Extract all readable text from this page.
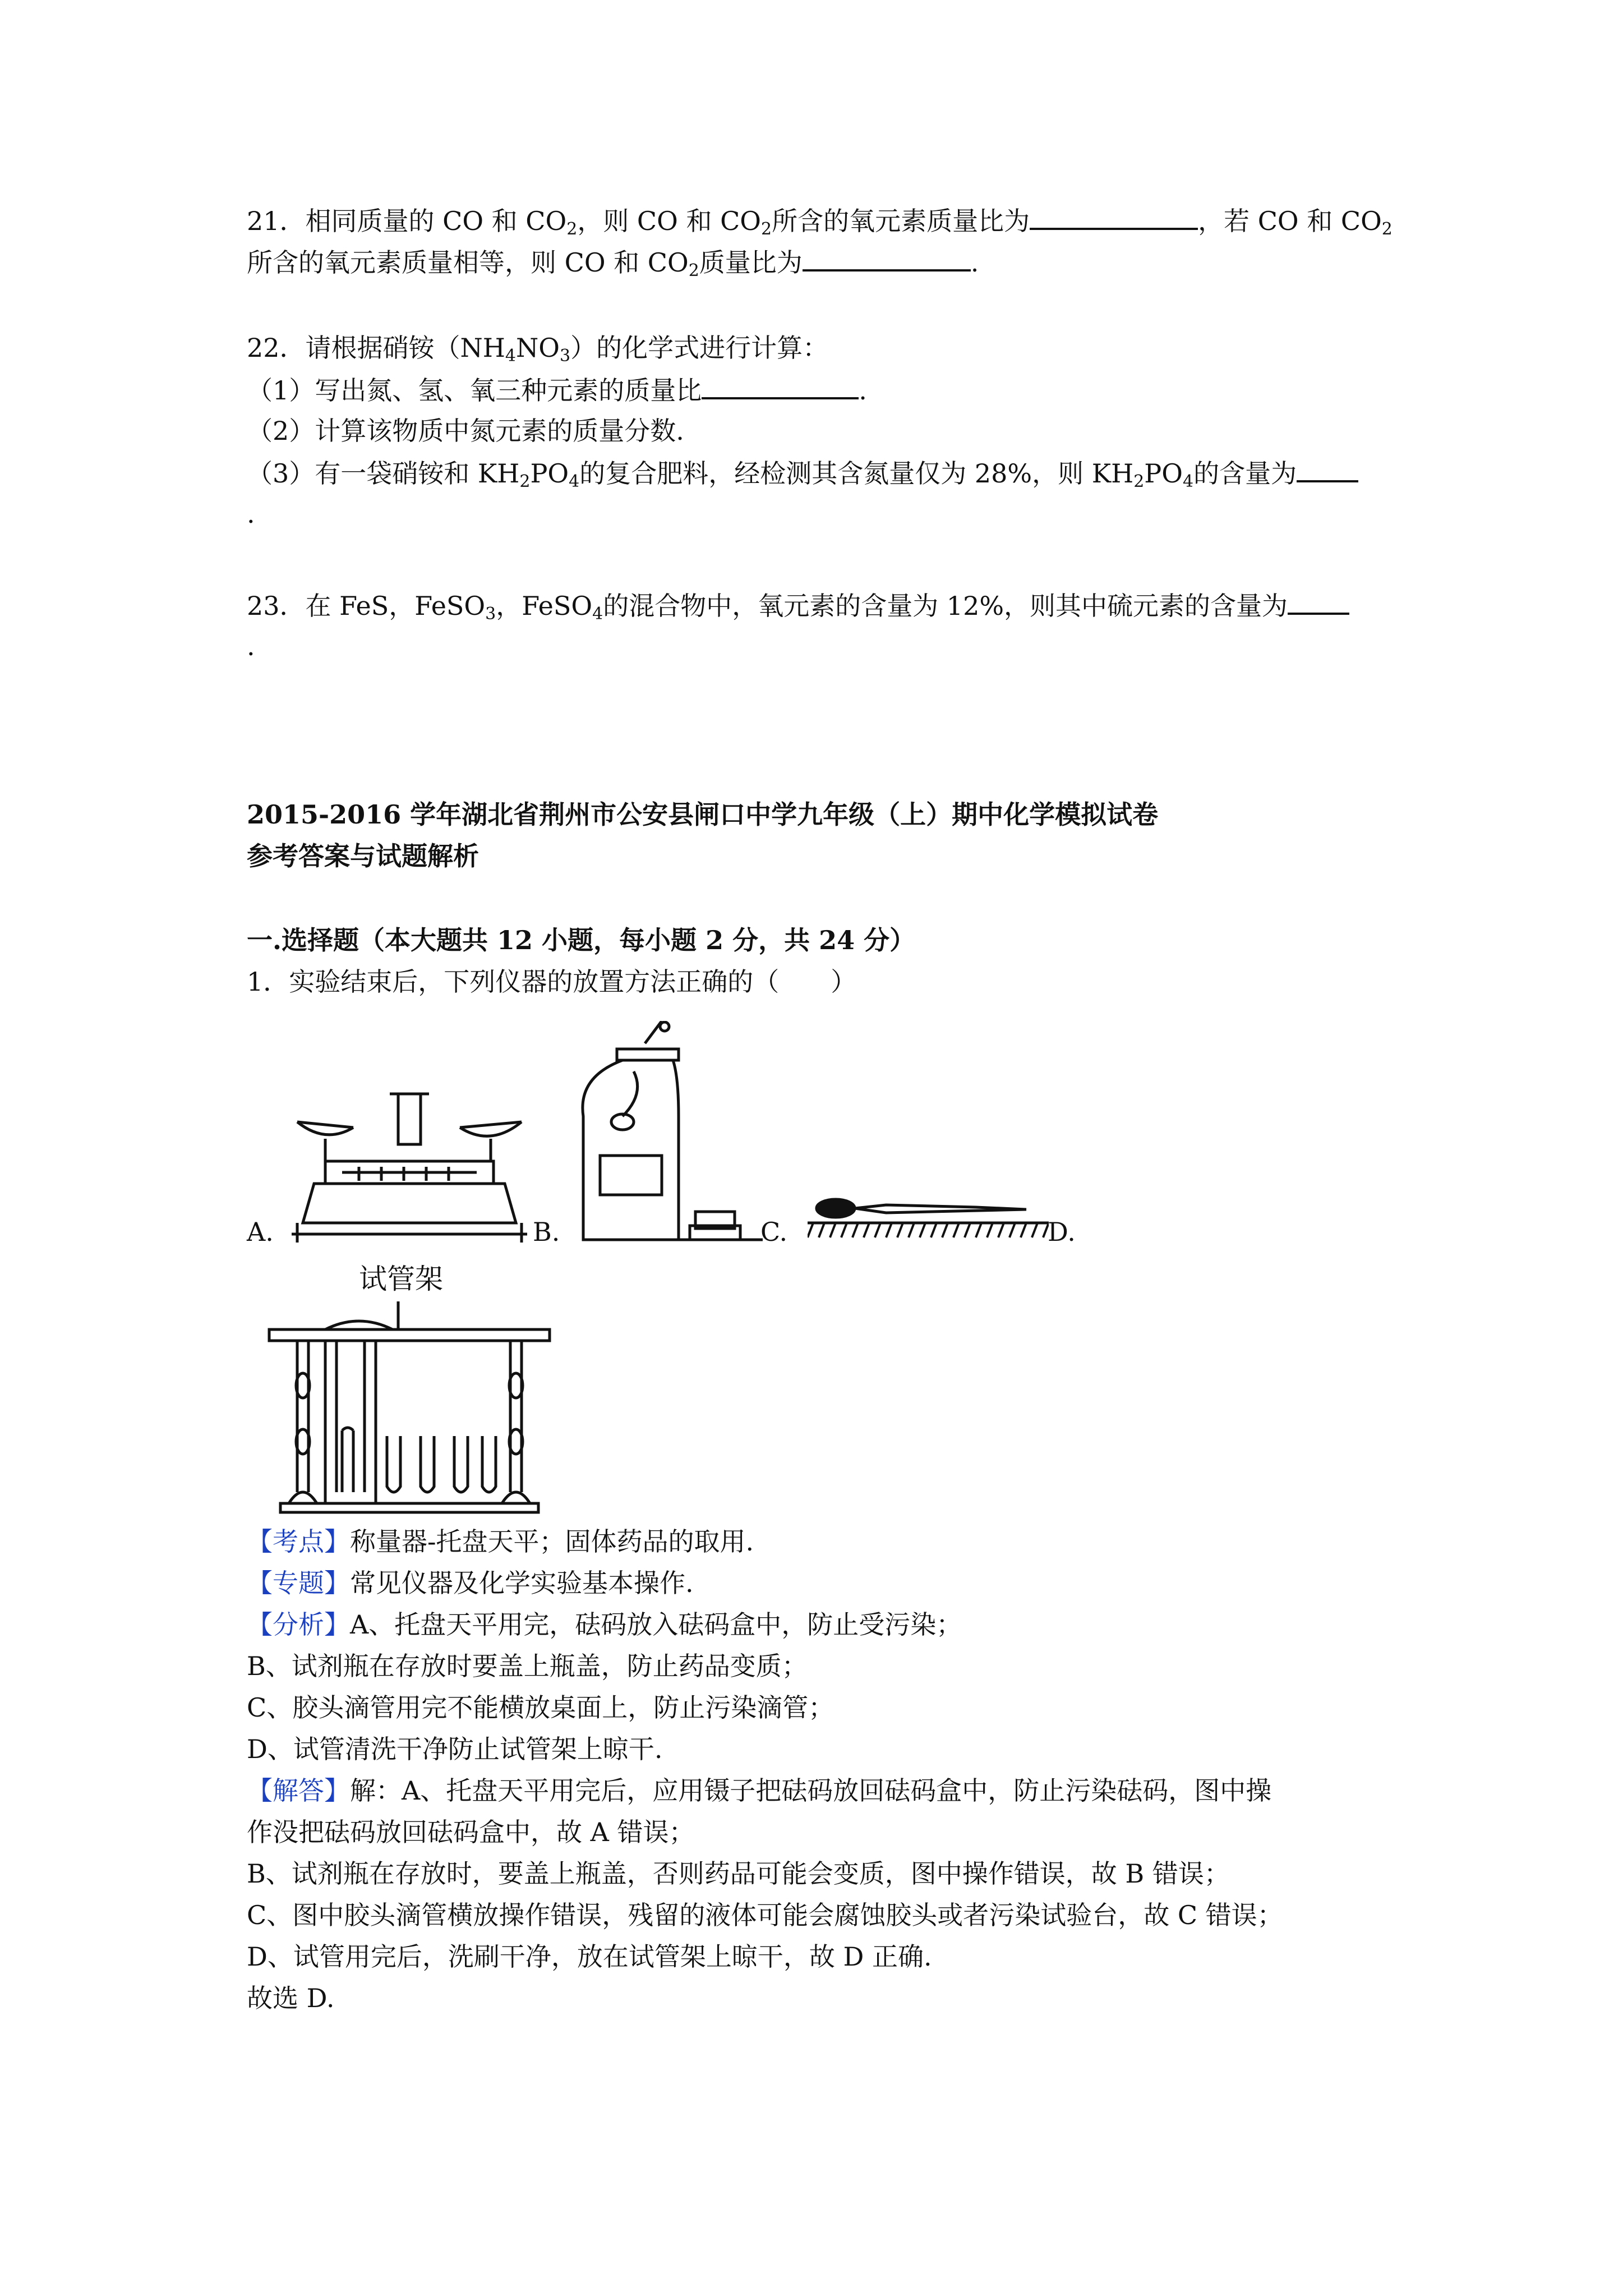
21．相同质量的 CO 和 $CO_2$，则 CO 和 $CO_2$所含的氧元素质量比为	，若 CO 和 $CO_2$
所含的氧元素质量相等，则 CO 和 $CO_2$质量比为	.
22．请根据硝铵$(NH_4NO_3)$的化学式进行计算：
（1）写出氮、氢、氧三种元素的质量比	.
（2）计算该物质中氮元素的质量分数.
（3）有一袋硝铵和 $KH_2PO_4$的复合肥料，经检测其含氮量仅为 28%，则 $KH_2PO_4$的含量为
.
23．在 FeS，FeSO$_3$，FeSO$_4$的混合物中，氧元素的含量为 12%，则其中硫元素的含量为
.
2015-2016 学年湖北省荆州市公安县闸口中学九年级（上）期中化学模拟试卷
参考答案与试题解析
一.选择题（本大题共 12 小题，每小题 2 分，共 24 分）
1．实验结束后，下列仪器的放置方法正确的（　　）
A.	B.	C.	D.
试管架
【考点】称量器-托盘天平；固体药品的取用.
【专题】常见仪器及化学实验基本操作.
【分析】A、托盘天平用完，砝码放入砝码盒中，防止受污染；
B、试剂瓶在存放时要盖上瓶盖，防止药品变质；
C、胶头滴管用完不能横放桌面上，防止污染滴管；
D、试管清洗干净防止试管架上晾干.
【解答】解：A、托盘天平用完后，应用镊子把砝码放回砝码盒中，防止污染砝码，图中操
作没把砝码放回砝码盒中，故 A 错误；
B、试剂瓶在存放时，要盖上瓶盖，否则药品可能会变质，图中操作错误，故 B 错误；
C、图中胶头滴管横放操作错误，残留的液体可能会腐蚀胶头或者污染试验台，故 C 错误；
D、试管用完后，洗刷干净，放在试管架上晾干，故 D 正确.
故选 D.
